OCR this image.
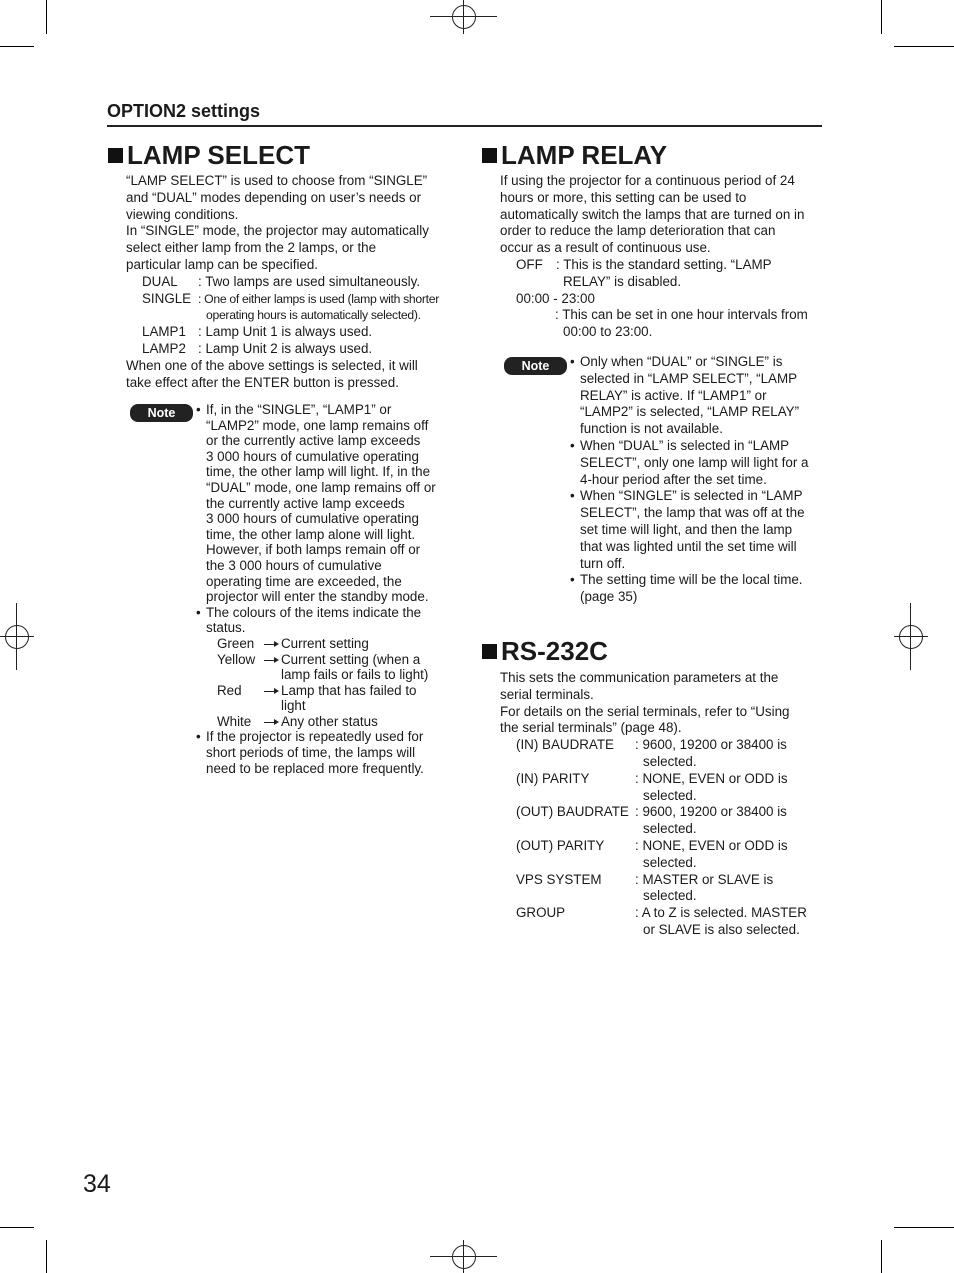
OPTION2 settings
LAMP SELECT
“LAMP SELECT” is used to choose from “SINGLE”
and “DUAL” modes depending on user’s needs or
viewing conditions.
In “SINGLE” mode, the projector may automatically
select either lamp from the 2 lamps, or the
particular lamp can be specified.
DUAL	: Two lamps are used simultaneously.
SINGLE : One of either lamps is used (lamp with shorter
operating hours is automatically selected).
LAMP1 : Lamp Unit 1 is always used.
LAMP2 : Lamp Unit 2 is always used.
When one of the above settings is selected, it will
take effect after the ENTER button is pressed.
Note	• If, in the “SINGLE”, “LAMP1” or
“LAMP2” mode, one lamp remains off
or the currently active lamp exceeds
3 000 hours of cumulative operating
time, the other lamp will light. If, in the
“DUAL” mode, one lamp remains off or
the currently active lamp exceeds
3 000 hours of cumulative operating
time, the other lamp alone will light.
However, if both lamps remain off or
the 3 000 hours of cumulative
operating time are exceeded, the
projector will enter the standby mode.
• The colours of the items indicate the
status.
Green	Current setting
Yellow	Current setting (when a
lamp fails or fails to light)
Red	Lamp that has failed to
light
White	Any other status
• If the projector is repeatedly used for
short periods of time, the lamps will
need to be replaced more frequently.
LAMP RELAY
If using the projector for a continuous period of 24
hours or more, this setting can be used to
automatically switch the lamps that are turned on in
order to reduce the lamp deterioration that can
occur as a result of continuous use.
OFF : This is the standard setting. “LAMP
RELAY” is disabled.
00:00 - 23:00
: This can be set in one hour intervals from
00:00 to 23:00.
Note	• Only when “DUAL” or “SINGLE” is
selected in “LAMP SELECT”, “LAMP
RELAY” is active. If “LAMP1” or
“LAMP2” is selected, “LAMP RELAY”
function is not available.
• When “DUAL” is selected in “LAMP
SELECT”, only one lamp will light for a
4-hour period after the set time.
• When “SINGLE” is selected in “LAMP
SELECT”, the lamp that was off at the
set time will light, and then the lamp
that was lighted until the set time will
turn off.
• The setting time will be the local time.
(page 35)
RS-232C
This sets the communication parameters at the
serial terminals.
For details on the serial terminals, refer to “Using
the serial terminals” (page 48).
(IN) BAUDRATE	: 9600, 19200 or 38400 is
selected.
(IN) PARITY	: NONE, EVEN or ODD is
selected.
(OUT) BAUDRATE : 9600, 19200 or 38400 is
selected.
(OUT) PARITY	: NONE, EVEN or ODD is
selected.
VPS SYSTEM	: MASTER or SLAVE is
selected.
GROUP	: A to Z is selected. MASTER
or SLAVE is also selected.
34
